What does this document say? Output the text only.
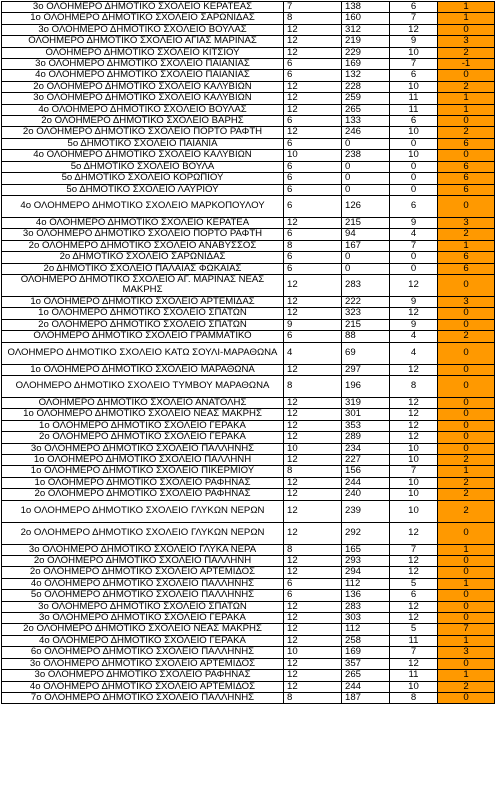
3ο ΟΛΟΗΜΕΡΟ ΔΗΜΟΤΙΚΟ ΣΧΟΛΕΙΟ ΚΕΡΑΤΕΑΣ	7	138	6	1
1ο ΟΛΟΗΜΕΡΟ ΔΗΜΟΤΙΚΟ ΣΧΟΛΕΙΟ ΣΑΡΩΝΙΔΑΣ	8	160	7	1
3ο ΟΛΟΗΜΕΡΟ ΔΗΜΟΤΙΚΟ ΣΧΟΛΕΙΟ ΒΟΥΛΑΣ	12	312	12	0
ΟΛΟΗΜΕΡΟ ΔΗΜΟΤΙΚΟ ΣΧΟΛΕΙΟ ΑΓΙΑΣ ΜΑΡΙΝΑΣ	12	219	9	3
ΟΛΟΗΜΕΡΟ ΔΗΜΟΤΙΚΟ ΣΧΟΛΕΙΟ ΚΙΤΣΙΟΥ	12	229	10	2
3ο ΟΛΟΗΜΕΡΟ ΔΗΜΟΤΙΚΟ ΣΧΟΛΕΙΟ ΠΑΙΑΝΙΑΣ	6	169	7	-1
4ο ΟΛΟΗΜΕΡΟ ΔΗΜΟΤΙΚΟ ΣΧΟΛΕΙΟ ΠΑΙΑΝΙΑΣ	6	132	6	0
2ο ΟΛΟΗΜΕΡΟ ΔΗΜΟΤΙΚΟ ΣΧΟΛΕΙΟ ΚΑΛΥΒΙΩΝ	12	228	10	2
3ο ΟΛΟΗΜΕΡΟ ΔΗΜΟΤΙΚΟ ΣΧΟΛΕΙΟ ΚΑΛΥΒΙΩΝ	12	259	11	1
4ο ΟΛΟΗΜΕΡΟ ΔΗΜΟΤΙΚΟ ΣΧΟΛΕΙΟ ΒΟΥΛΑΣ	12	265	11	1
2ο ΟΛΟΗΜΕΡΟ ΔΗΜΟΤΙΚΟ ΣΧΟΛΕΙΟ ΒΑΡΗΣ	6	133	6	0
2ο ΟΛΟΗΜΕΡΟ ΔΗΜΟΤΙΚΟ ΣΧΟΛΕΙΟ ΠΟΡΤΟ ΡΑΦΤΗ	12	246	10	2
5ο ΔΗΜΟΤΙΚΟ ΣΧΟΛΕΙΟ ΠΑΙΑΝΙΑ	6	0	0	6
4ο ΟΛΟΗΜΕΡΟ ΔΗΜΟΤΙΚΟ ΣΧΟΛΕΙΟ ΚΑΛΥΒΙΩΝ	10	238	10	0
5ο ΔΗΜΟΤΙΚΟ ΣΧΟΛΕΙΟ ΒΟΥΛΑ	6	0	0	6
5ο ΔΗΜΟΤΙΚΟ ΣΧΟΛΕΙΟ ΚΟΡΩΠΙΟΥ	6	0	0	6
5ο ΔΗΜΟΤΙΚΟ ΣΧΟΛΕΙΟ ΛΑΥΡΙΟΥ	6	0	0	6
4ο ΟΛΟΗΜΕΡΟ ΔΗΜΟΤΙΚΟ ΣΧΟΛΕΙΟ ΜΑΡΚΟΠΟΥΛΟΥ	6	126	6	0
4ο ΟΛΟΗΜΕΡΟ ΔΗΜΟΤΙΚΟ ΣΧΟΛΕΙΟ ΚΕΡΑΤΕΑ	12	215	9	3
3ο ΟΛΟΗΜΕΡΟ ΔΗΜΟΤΙΚΟ ΣΧΟΛΕΙΟ ΠΟΡΤΟ ΡΑΦΤΗ	6	94	4	2
2ο ΟΛΟΗΜΕΡΟ ΔΗΜΟΤΙΚΟ ΣΧΟΛΕΙΟ ΑΝΑΒΥΣΣΟΣ	8	167	7	1
2ο ΔΗΜΟΤΙΚΟ ΣΧΟΛΕΙΟ ΣΑΡΩΝΙΔΑΣ	6	0	0	6
2ο ΔΗΜΟΤΙΚΟ ΣΧΟΛΕΙΟ ΠΑΛΑΙΑΣ ΦΩΚΑΙΑΣ	6	0	0	6
ΟΛΟΗΜΕΡΟ ΔΗΜΟΤΙΚΟ ΣΧΟΛΕΙΟ ΑΓ. ΜΑΡΙΝΑΣ ΝΕΑΣ ΜΑΚΡΗΣ	12	283	12	0
1ο ΟΛΟΗΜΕΡΟ ΔΗΜΟΤΙΚΟ ΣΧΟΛΕΙΟ ΑΡΤΕΜΙΔΑΣ	12	222	9	3
1ο ΟΛΟΗΜΕΡΟ ΔΗΜΟΤΙΚΟ ΣΧΟΛΕΙΟ ΣΠΑΤΩΝ	12	323	12	0
2ο ΟΛΟΗΜΕΡΟ ΔΗΜΟΤΙΚΟ ΣΧΟΛΕΙΟ ΣΠΑΤΩΝ	9	215	9	0
ΟΛΟΗΜΕΡΟ ΔΗΜΟΤΙΚΟ ΣΧΟΛΕΙΟ ΓΡΑΜΜΑΤΙΚΟ	6	88	4	2
ΟΛΟΗΜΕΡΟ ΔΗΜΟΤΙΚΟ ΣΧΟΛΕΙΟ ΚΑΤΩ ΣΟΥΛΙ-ΜΑΡΑΘΩΝΑ	4	69	4	0
1ο ΟΛΟΗΜΕΡΟ ΔΗΜΟΤΙΚΟ ΣΧΟΛΕΙΟ ΜΑΡΑΘΩΝΑ	12	297	12	0
ΟΛΟΗΜΕΡΟ ΔΗΜΟΤΙΚΟ ΣΧΟΛΕΙΟ ΤΥΜΒΟΥ ΜΑΡΑΘΩΝΑ	8	196	8	0
ΟΛΟΗΜΕΡΟ ΔΗΜΟΤΙΚΟ ΣΧΟΛΕΙΟ ΑΝΑΤΟΛΗΣ	12	319	12	0
1ο ΟΛΟΗΜΕΡΟ ΔΗΜΟΤΙΚΟ ΣΧΟΛΕΙΟ ΝΕΑΣ ΜΑΚΡΗΣ	12	301	12	0
1ο ΟΛΟΗΜΕΡΟ ΔΗΜΟΤΙΚΟ ΣΧΟΛΕΙΟ ΓΕΡΑΚΑ	12	353	12	0
2ο ΟΛΟΗΜΕΡΟ ΔΗΜΟΤΙΚΟ ΣΧΟΛΕΙΟ ΓΕΡΑΚΑ	12	289	12	0
3ο ΟΛΟΗΜΕΡΟ ΔΗΜΟΤΙΚΟ ΣΧΟΛΕΙΟ ΠΑΛΛΗΝΗΣ	10	234	10	0
1ο ΟΛΟΗΜΕΡΟ ΔΗΜΟΤΙΚΟ ΣΧΟΛΕΙΟ ΠΑΛΛΗΝΗ	12	227	10	2
1ο ΟΛΟΗΜΕΡΟ ΔΗΜΟΤΙΚΟ ΣΧΟΛΕΙΟ ΠΙΚΕΡΜΙΟΥ	8	156	7	1
1ο ΟΛΟΗΜΕΡΟ ΔΗΜΟΤΙΚΟ ΣΧΟΛΕΙΟ ΡΑΦΗΝΑΣ	12	244	10	2
2ο ΟΛΟΗΜΕΡΟ ΔΗΜΟΤΙΚΟ ΣΧΟΛΕΙΟ ΡΑΦΗΝΑΣ	12	240	10	2
1ο ΟΛΟΗΜΕΡΟ ΔΗΜΟΤΙΚΟ ΣΧΟΛΕΙΟ ΓΛΥΚΩΝ ΝΕΡΩΝ	12	239	10	2
2ο ΟΛΟΗΜΕΡΟ ΔΗΜΟΤΙΚΟ ΣΧΟΛΕΙΟ ΓΛΥΚΩΝ ΝΕΡΩΝ	12	292	12	0
3ο ΟΛΟΗΜΕΡΟ ΔΗΜΟΤΙΚΟ ΣΧΟΛΕΙΟ ΓΛΥΚΑ ΝΕΡΑ	8	165	7	1
2ο ΟΛΟΗΜΕΡΟ ΔΗΜΟΤΙΚΟ ΣΧΟΛΕΙΟ ΠΑΛΛΗΝΗ	12	293	12	0
2ο ΟΛΟΗΜΕΡΟ ΔΗΜΟΤΙΚΟ ΣΧΟΛΕΙΟ ΑΡΤΕΜΙΔΟΣ	12	294	12	0
4ο ΟΛΟΗΜΕΡΟ ΔΗΜΟΤΙΚΟ ΣΧΟΛΕΙΟ ΠΑΛΛΗΝΗΣ	6	112	5	1
5ο ΟΛΟΗΜΕΡΟ ΔΗΜΟΤΙΚΟ ΣΧΟΛΕΙΟ ΠΑΛΛΗΝΗΣ	6	136	6	0
3ο ΟΛΟΗΜΕΡΟ ΔΗΜΟΤΙΚΟ ΣΧΟΛΕΙΟ ΣΠΑΤΩΝ	12	283	12	0
3ο ΟΛΟΗΜΕΡΟ ΔΗΜΟΤΙΚΟ ΣΧΟΛΕΙΟ ΓΕΡΑΚΑ	12	303	12	0
2ο ΟΛΟΗΜΕΡΟ ΔΗΜΟΤΙΚΟ ΣΧΟΛΕΙΟ ΝΕΑΣ ΜΑΚΡΗΣ	12	112	5	7
4ο ΟΛΟΗΜΕΡΟ ΔΗΜΟΤΙΚΟ ΣΧΟΛΕΙΟ ΓΕΡΑΚΑ	12	258	11	1
6ο ΟΛΟΗΜΕΡΟ ΔΗΜΟΤΙΚΟ ΣΧΟΛΕΙΟ ΠΑΛΛΗΝΗΣ	10	169	7	3
3ο ΟΛΟΗΜΕΡΟ ΔΗΜΟΤΙΚΟ ΣΧΟΛΕΙΟ ΑΡΤΕΜΙΔΟΣ	12	357	12	0
3ο ΟΛΟΗΜΕΡΟ ΔΗΜΟΤΙΚΟ ΣΧΟΛΕΙΟ ΡΑΦΗΝΑΣ	12	265	11	1
4ο ΟΛΟΗΜΕΡΟ ΔΗΜΟΤΙΚΟ ΣΧΟΛΕΙΟ ΑΡΤΕΜΙΔΟΣ	12	244	10	2
7ο ΟΛΟΗΜΕΡΟ ΔΗΜΟΤΙΚΟ ΣΧΟΛΕΙΟ ΠΑΛΛΗΝΗΣ	8	187	8	0
